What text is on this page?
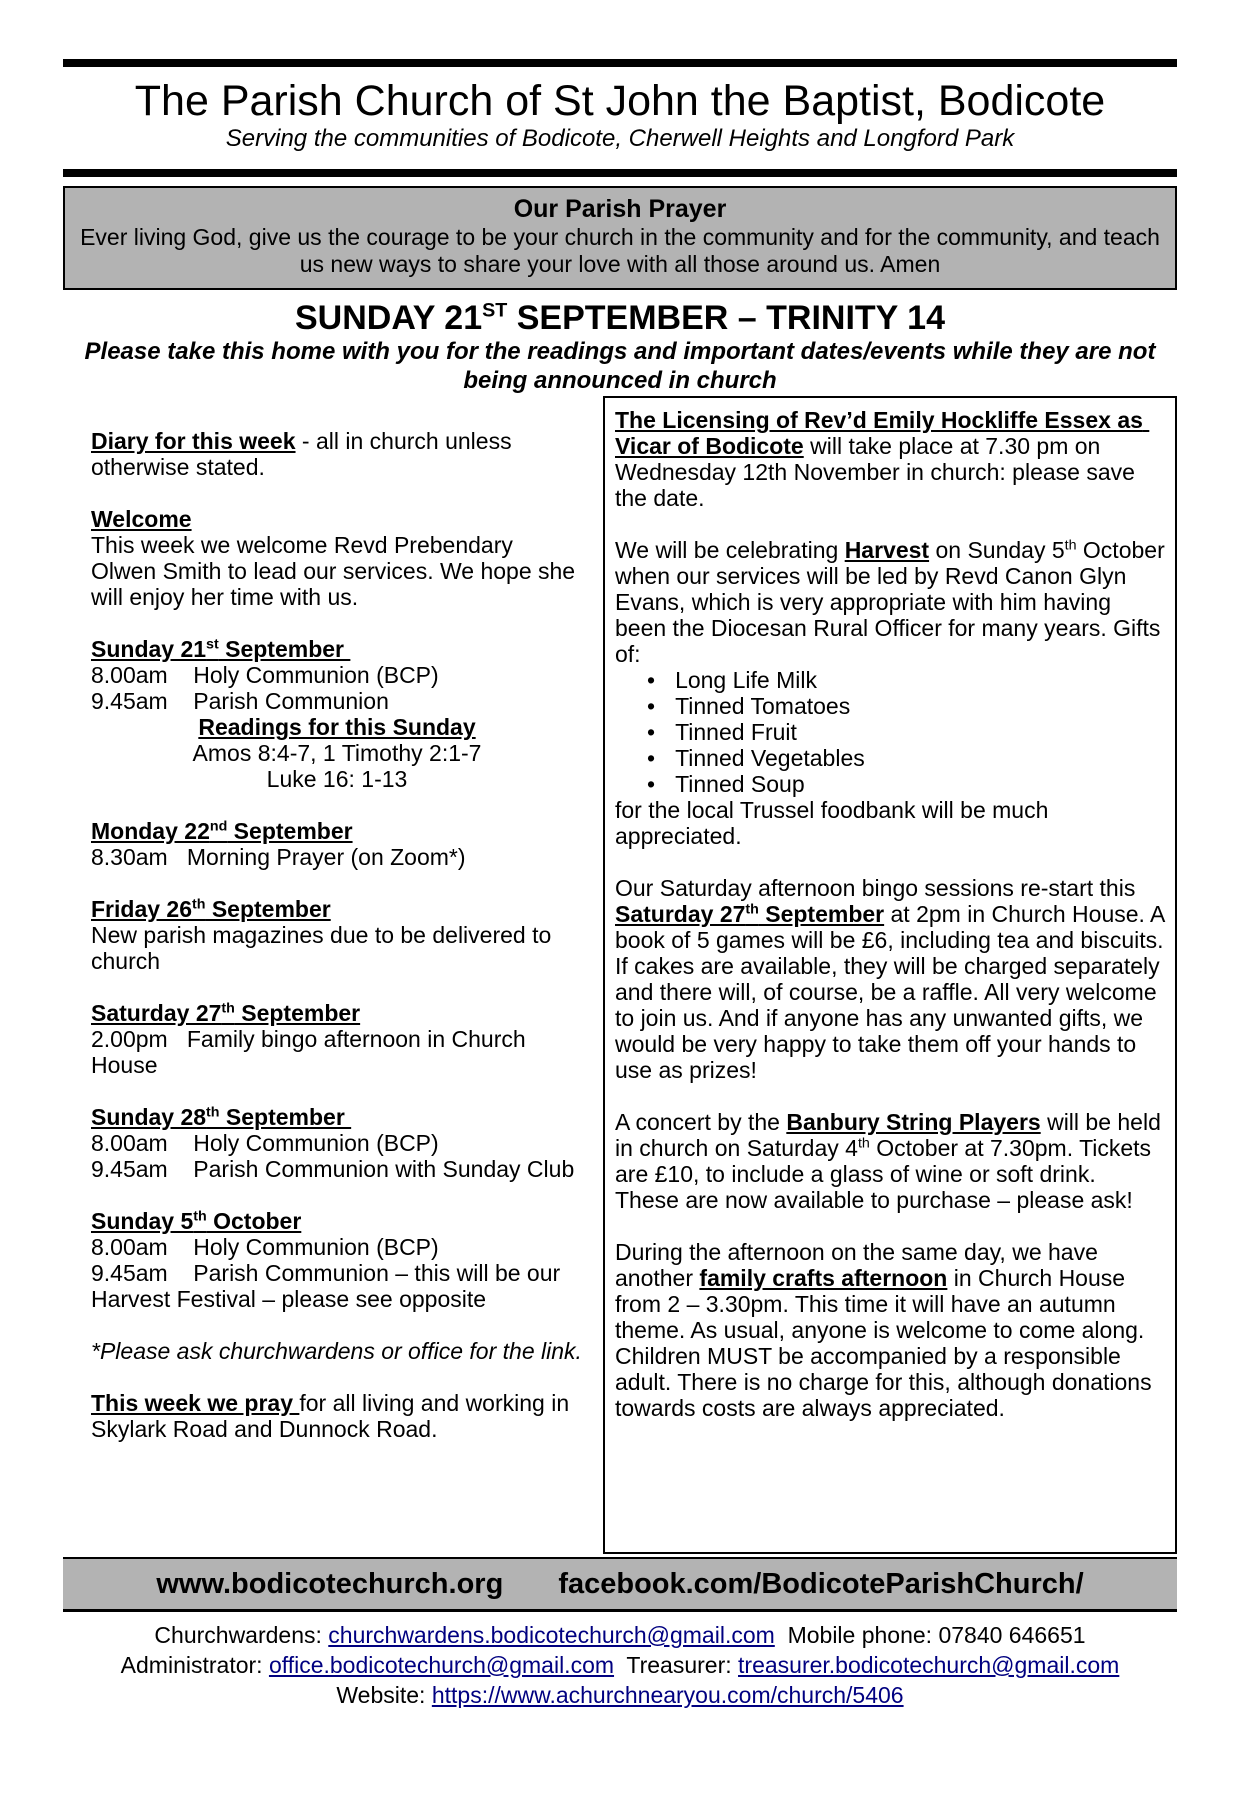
The Parish Church of St John the Baptist, Bodicote
Serving the communities of Bodicote, Cherwell Heights and Longford Park
Our Parish Prayer
Ever living God, give us the courage to be your church in the community and for the community, and teach us new ways to share your love with all those around us. Amen
SUNDAY 21ST SEPTEMBER – TRINITY 14
Please take this home with you for the readings and important dates/events while they are not being announced in church

Diary for this week - all in church unless otherwise stated.

Welcome

This week we welcome Revd Prebendary Olwen Smith to lead our services. We hope she will enjoy her time with us.

Sunday 21st September

8.00am    Holy Communion (BCP)

9.45am    Parish Communion

Readings for this Sunday

Amos 8:4-7, 1 Timothy 2:1-7

Luke 16: 1-13

Monday 22nd September

8.30am   Morning Prayer (on Zoom*)

Friday 26th September

New parish magazines due to be delivered to church

Saturday 27th September

2.00pm   Family bingo afternoon in Church House

Sunday 28th September

8.00am    Holy Communion (BCP)

9.45am    Parish Communion with Sunday Club

Sunday 5th October

8.00am    Holy Communion (BCP)

9.45am    Parish Communion – this will be our Harvest Festival – please see opposite

*Please ask churchwardens or office for the link.

This week we pray for all living and working in Skylark Road and Dunnock Road.

The Licensing of Rev’d Emily Hockliffe Essex as Vicar of Bodicote will take place at 7.30 pm on Wednesday 12th November in church: please save the date.

We will be celebrating Harvest on Sunday 5th October when our services will be led by Revd Canon Glyn Evans, which is very appropriate with him having been the Diocesan Rural Officer for many years. Gifts of:

• Long Life Milk
• Tinned Tomatoes
• Tinned Fruit
• Tinned Vegetables
• Tinned Soup

for the local Trussel foodbank will be much appreciated.

Our Saturday afternoon bingo sessions re-start this Saturday 27th September at 2pm in Church House. A book of 5 games will be £6, including tea and biscuits. If cakes are available, they will be charged separately and there will, of course, be a raffle. All very welcome to join us. And if anyone has any unwanted gifts, we would be very happy to take them off your hands to use as prizes!

A concert by the Banbury String Players will be held in church on Saturday 4th October at 7.30pm. Tickets are £10, to include a glass of wine or soft drink. These are now available to purchase – please ask!

During the afternoon on the same day, we have another family crafts afternoon in Church House from 2 – 3.30pm. This time it will have an autumn theme. As usual, anyone is welcome to come along. Children MUST be accompanied by a responsible adult. There is no charge for this, although donations towards costs are always appreciated.

www.bodicotechurch.org facebook.com/BodicoteParishChurch/

Churchwardens: churchwardens.bodicotechurch@gmail.com  Mobile phone: 07840 646651

Administrator: office.bodicotechurch@gmail.com  Treasurer: treasurer.bodicotechurch@gmail.com

Website: https://www.achurchnearyou.com/church/5406
